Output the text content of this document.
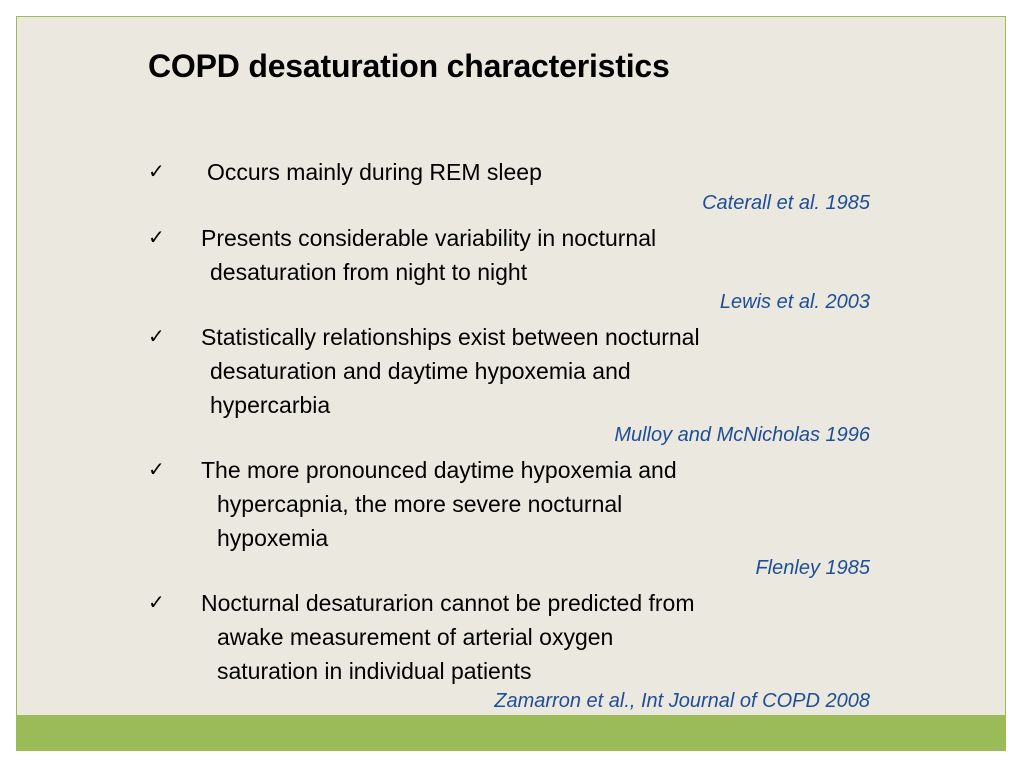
COPD desaturation characteristics
✓	Occurs mainly during REM sleep
Caterall et al. 1985
✓	Presents considerable variability in nocturnal
desaturation from night to night
Lewis et al. 2003
✓	Statistically relationships exist between nocturnal
desaturation and daytime hypoxemia and
hypercarbia
Mulloy and McNicholas 1996
✓	The more pronounced daytime hypoxemia and
hypercapnia, the more severe nocturnal
hypoxemia
Flenley 1985
✓	Nocturnal desaturarion cannot be predicted from
awake measurement of arterial oxygen
saturation in individual patients
Zamarron et al., Int Journal of COPD 2008
